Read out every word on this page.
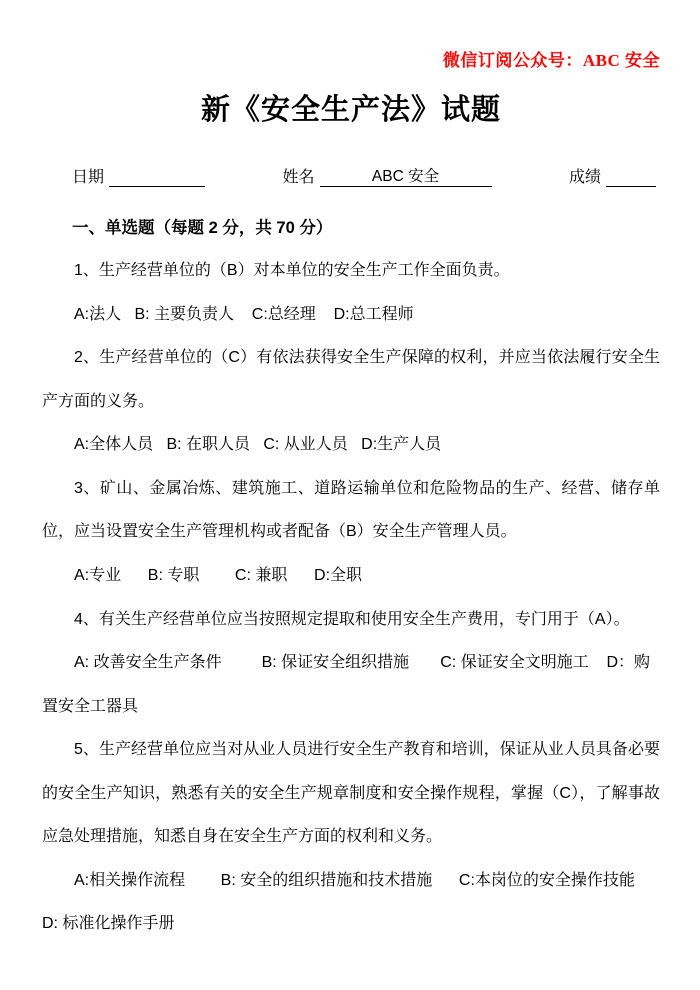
微信订阅公众号：ABC 安全
新《安全生产法》试题
日期	姓名	ABC 安全	成绩
一、单选题（每题 2 分，共 70 分）

1、生产经营单位的（B）对本单位的安全生产工作全面负责。

A:法人   B: 主要负责人    C:总经理    D:总工程师

2、生产经营单位的（C）有依法获得安全生产保障的权利，并应当依法履行安全生产方面的义务。

A:全体人员   B: 在职人员   C: 从业人员   D:生产人员

3、矿山、金属冶炼、建筑施工、道路运输单位和危险物品的生产、经营、储存单位，应当设置安全生产管理机构或者配备（B）安全生产管理人员。

A:专业      B: 专职        C: 兼职      D:全职

4、有关生产经营单位应当按照规定提取和使用安全生产费用，专门用于（A）。

A: 改善安全生产条件         B: 保证安全组织措施       C: 保证安全文明施工    D：购置安全工器具

5、生产经营单位应当对从业人员进行安全生产教育和培训，保证从业人员具备必要的安全生产知识，熟悉有关的安全生产规章制度和安全操作规程，掌握（C），了解事故应急处理措施，知悉自身在安全生产方面的权利和义务。

A:相关操作流程        B: 安全的组织措施和技术措施      C:本岗位的安全操作技能    D: 标准化操作手册
